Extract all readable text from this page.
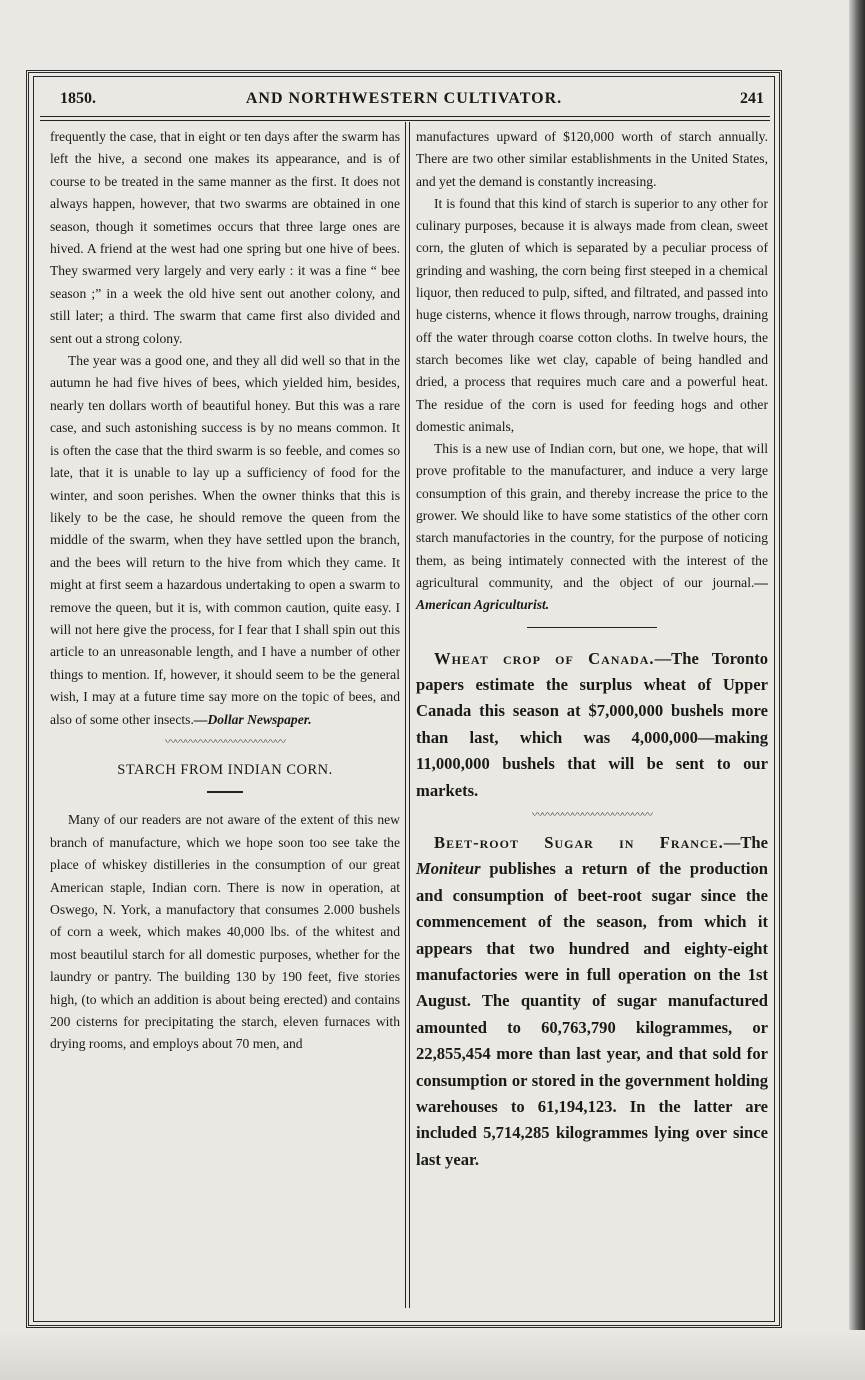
AND NORTHWESTERN CULTIVATOR.
1850.	241

frequently the case, that in eight or ten days after the swarm has left the hive, a second one makes its appearance, and is of course to be treated in the same manner as the first. It does not always happen, however, that two swarms are obtained in one season, though it sometimes occurs that three large ones are hived. A friend at the west had one spring but one hive of bees. They swarmed very largely and very early : it was a fine “ bee season ;” in a week the old hive sent out another colony, and still later; a third. The swarm that came first also divided and sent out a strong colony.

The year was a good one, and they all did well so that in the autumn he had five hives of bees, which yielded him, besides, nearly ten dollars worth of beautiful honey. But this was a rare case, and such astonishing success is by no means common. It is often the case that the third swarm is so feeble, and comes so late, that it is unable to lay up a sufficiency of food for the winter, and soon perishes. When the owner thinks that this is likely to be the case, he should remove the queen from the middle of the swarm, when they have settled upon the branch, and the bees will return to the hive from which they came. It might at first seem a hazardous undertaking to open a swarm to remove the queen, but it is, with common caution, quite easy. I will not here give the process, for I fear that I shall spin out this article to an unreasonable length, and I have a number of other things to mention. If, however, it should seem to be the general wish, I may at a future time say more on the topic of bees, and also of some other insects.—Dollar Newspaper.

〰〰〰〰〰〰〰〰〰〰〰〰
STARCH FROM INDIAN CORN.

Many of our readers are not aware of the extent of this new branch of manufacture, which we hope soon too see take the place of whiskey distilleries in the consumption of our great American staple, Indian corn. There is now in operation, at Oswego, N. York, a manufactory that consumes 2.000 bushels of corn a week, which makes 40,000 lbs. of the whitest and most beautilul starch for all domestic purposes, whether for the laundry or pantry. The building 130 by 190 feet, five stories high, (to which an addition is about being erected) and contains 200 cisterns for precipitating the starch, eleven furnaces with drying rooms, and employs about 70 men, and

manufactures upward of $120,000 worth of starch annually. There are two other similar establishments in the United States, and yet the demand is constantly increasing.

It is found that this kind of starch is superior to any other for culinary purposes, because it is always made from clean, sweet corn, the gluten of which is separated by a peculiar process of grinding and washing, the corn being first steeped in a chemical liquor, then reduced to pulp, sifted, and filtrated, and passed into huge cisterns, whence it flows through, narrow troughs, draining off the water through coarse cotton cloths. In twelve hours, the starch becomes like wet clay, capable of being handled and dried, a process that requires much care and a powerful heat. The residue of the corn is used for feeding hogs and other domestic animals,

This is a new use of Indian corn, but one, we hope, that will prove profitable to the manufacturer, and induce a very large consumption of this grain, and thereby increase the price to the grower. We should like to have some statistics of the other corn starch manufactories in the country, for the purpose of noticing them, as being intimately connected with the interest of the agricultural community, and the object of our journal.—American Agriculturist.

Wheat crop of Canada.—The Toronto papers estimate the surplus wheat of Upper Canada this season at $7,000,000 bushels more than last, which was 4,000,000—making 11,000,000 bushels that will be sent to our markets.

〰〰〰〰〰〰〰〰〰〰〰〰

Beet-root Sugar in France.—The Moniteur publishes a return of the production and consumption of beet-root sugar since the commencement of the season, from which it appears that two hundred and eighty-eight manufactories were in full operation on the 1st August. The quantity of sugar manufactured amounted to 60,763,790 kilogrammes, or 22,855,454 more than last year, and that sold for consumption or stored in the government holding warehouses to 61,194,123. In the latter are included 5,714,285 kilogrammes lying over since last year.
